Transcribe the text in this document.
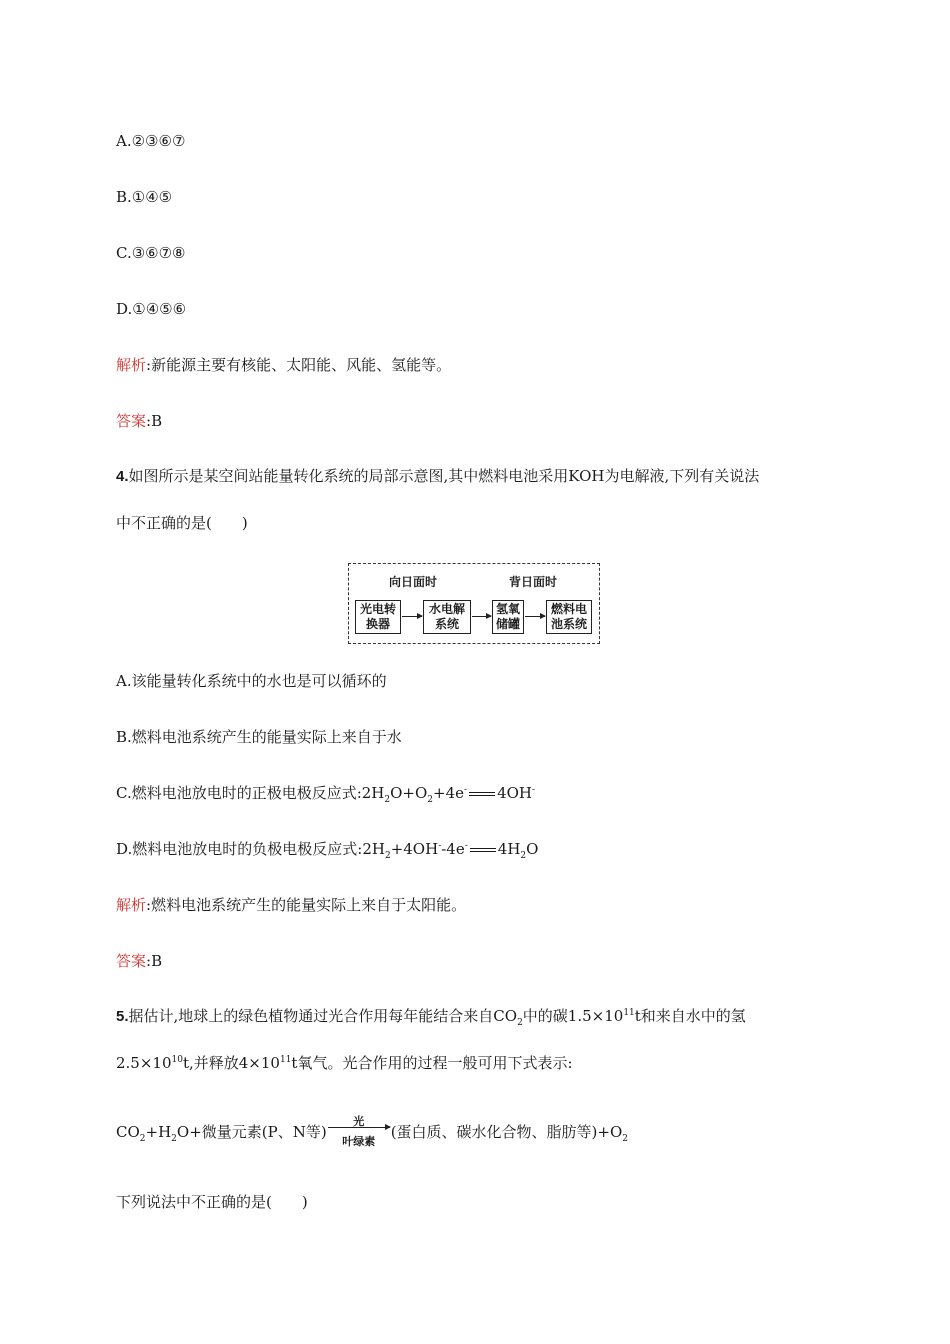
A.②③⑥⑦
B.①④⑤
C.③⑥⑦⑧
D.①④⑤⑥
解析:新能源主要有核能、太阳能、风能、氢能等。
答案:B
4.如图所示是某空间站能量转化系统的局部示意图,其中燃料电池采用KOH为电解液,下列有关说法
中不正确的是(　　)
向日面时	背日面时
光电转
换器
水电解
系统
氢氧
储罐
燃料电
池系统
A.该能量转化系统中的水也是可以循环的
B.燃料电池系统产生的能量实际上来自于水
C.燃料电池放电时的正极电极反应式$:2H_2O+O_2+4e^-$ 4OH-
D.燃料电池放电时的负极电极反应式$:2H_2+4OH^--4e^-$ $4H_2O$
解析:燃料电池系统产生的能量实际上来自于太阳能。
答案:B
5.据估计,地球上的绿色植物通过光合作用每年能结合来自$CO_2$中的碳$1.5\times 10^{11}t$和来自水中的氢
$2.5\times 10^{10}t$,并释放$4\times 10^{11}t$氧气。光合作用的过程一般可用下式表示:
$CO_2+H_2O+$微量元素(P、N等)
光
叶绿素
(蛋白质、碳水化合物、脂肪等)$+O_2$
下列说法中不正确的是(　　)
